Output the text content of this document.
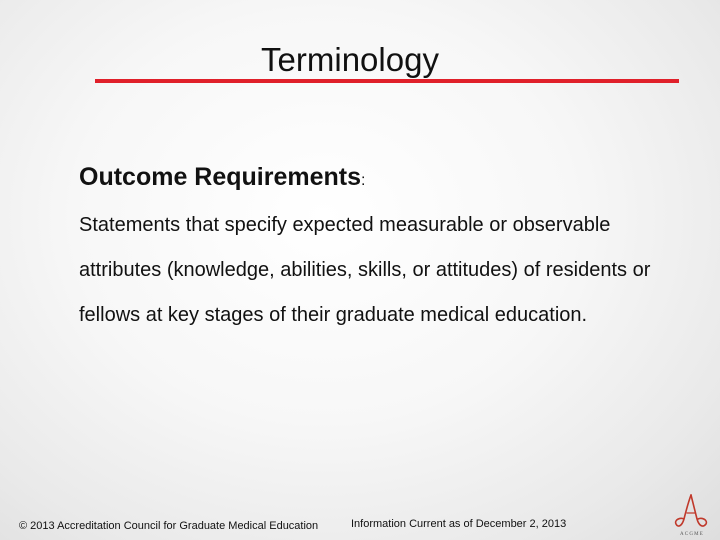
Terminology

Outcome Requirements:

Statements that specify expected measurable or observable attributes (knowledge, abilities, skills, or attitudes) of residents or fellows at key stages of their graduate medical education.

© 2013 Accreditation Council for Graduate Medical Education	Information Current as of December 2, 2013
ACGME
